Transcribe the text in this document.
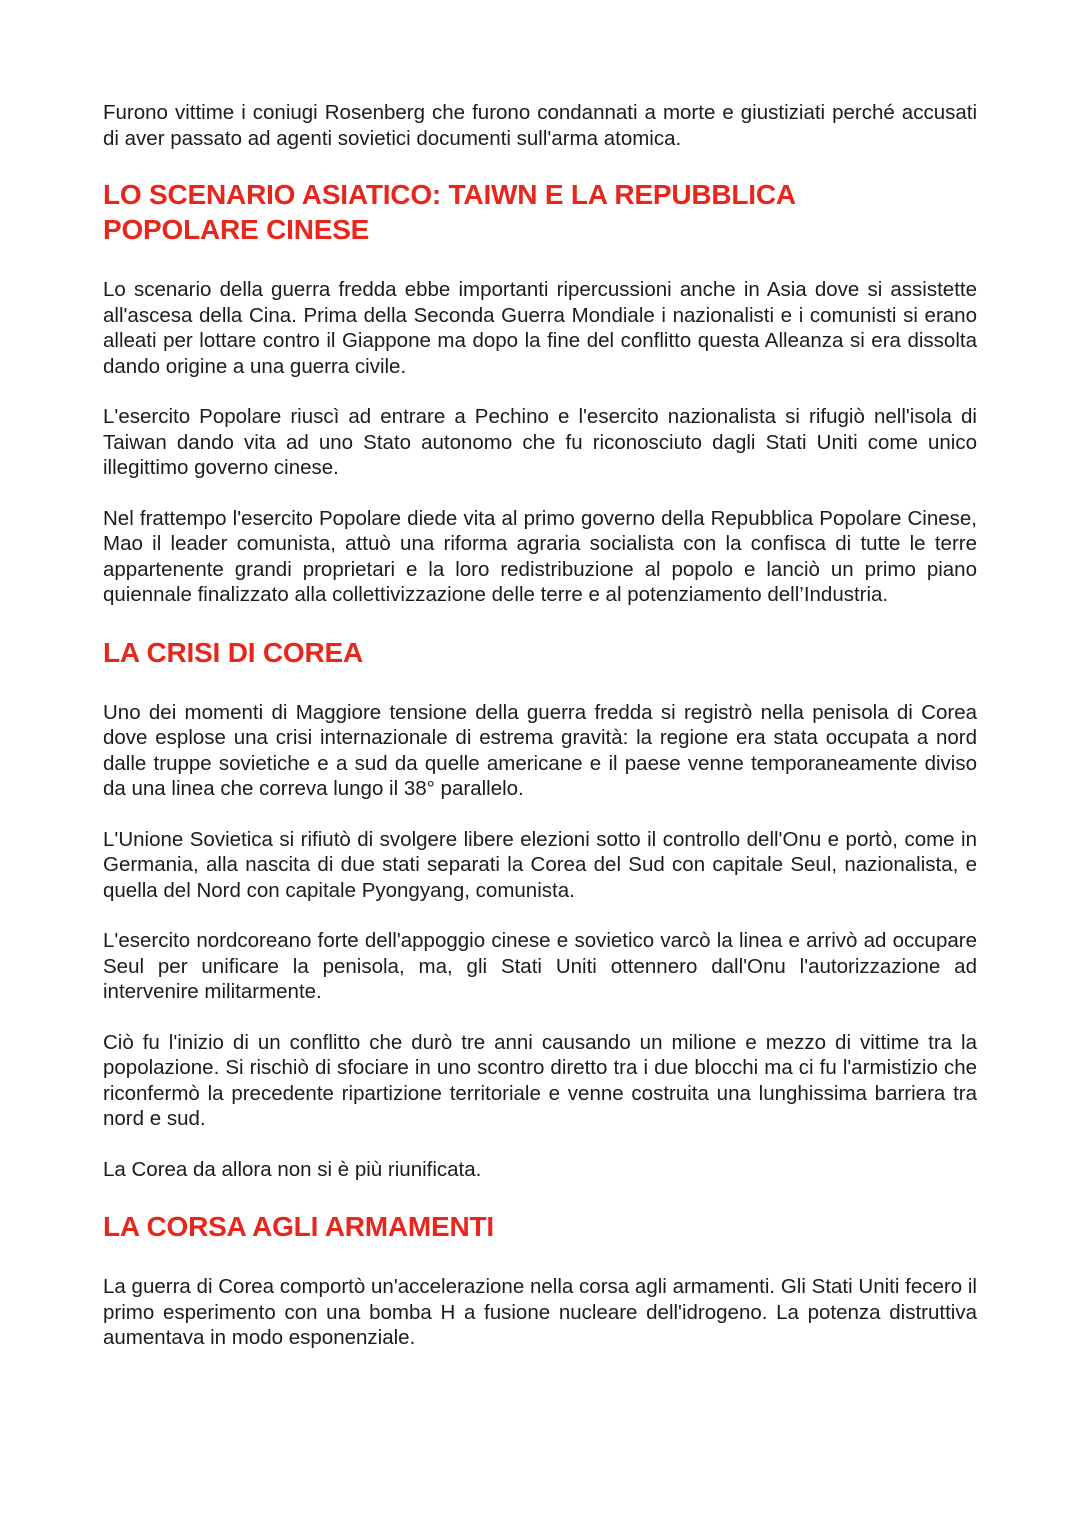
Furono vittime i coniugi Rosenberg che furono condannati a morte e giustiziati perché accusati di aver passato ad agenti sovietici documenti sull'arma atomica.

LO SCENARIO ASIATICO: TAIWN E LA REPUBBLICA POPOLARE CINESE

Lo scenario della guerra fredda ebbe importanti ripercussioni anche in Asia dove si assistette all'ascesa della Cina. Prima della Seconda Guerra Mondiale i nazionalisti e i comunisti si erano alleati per lottare contro il Giappone ma dopo la fine del conflitto questa Alleanza si era dissolta dando origine a una guerra civile.

L'esercito Popolare riuscì ad entrare a Pechino e l'esercito nazionalista si rifugiò nell'isola di Taiwan dando vita ad uno Stato autonomo che fu riconosciuto dagli Stati Uniti come unico illegittimo governo cinese.

Nel frattempo l'esercito Popolare diede vita al primo governo della Repubblica Popolare Cinese, Mao il leader comunista, attuò una riforma agraria socialista con la confisca di tutte le terre appartenente grandi proprietari e la loro redistribuzione al popolo e lanciò un primo piano quiennale finalizzato alla collettivizzazione delle terre e al potenziamento dell’Industria.

LA CRISI DI COREA

Uno dei momenti di Maggiore tensione della guerra fredda si registrò nella penisola di Corea dove esplose una crisi internazionale di estrema gravità: la regione era stata occupata a nord dalle truppe sovietiche e a sud da quelle americane e il paese venne temporaneamente diviso da una linea che correva lungo il 38° parallelo.

L'Unione Sovietica si rifiutò di svolgere libere elezioni sotto il controllo dell'Onu e portò, come in Germania, alla nascita di due stati separati la Corea del Sud con capitale Seul, nazionalista, e quella del Nord con capitale Pyongyang, comunista.

L'esercito nordcoreano forte dell'appoggio cinese e sovietico varcò la linea e arrivò ad occupare Seul per unificare la penisola, ma, gli Stati Uniti ottennero dall'Onu l'autorizzazione ad intervenire militarmente.

Ciò fu l'inizio di un conflitto che durò tre anni causando un milione e mezzo di vittime tra la popolazione. Si rischiò di sfociare in uno scontro diretto tra i due blocchi ma ci fu l'armistizio che riconfermò la precedente ripartizione territoriale e venne costruita una lunghissima barriera tra nord e sud.

La Corea da allora non si è più riunificata.

LA CORSA AGLI ARMAMENTI

La guerra di Corea comportò un'accelerazione nella corsa agli armamenti. Gli Stati Uniti fecero il primo esperimento con una bomba H a fusione nucleare dell'idrogeno. La potenza distruttiva aumentava in modo esponenziale.
